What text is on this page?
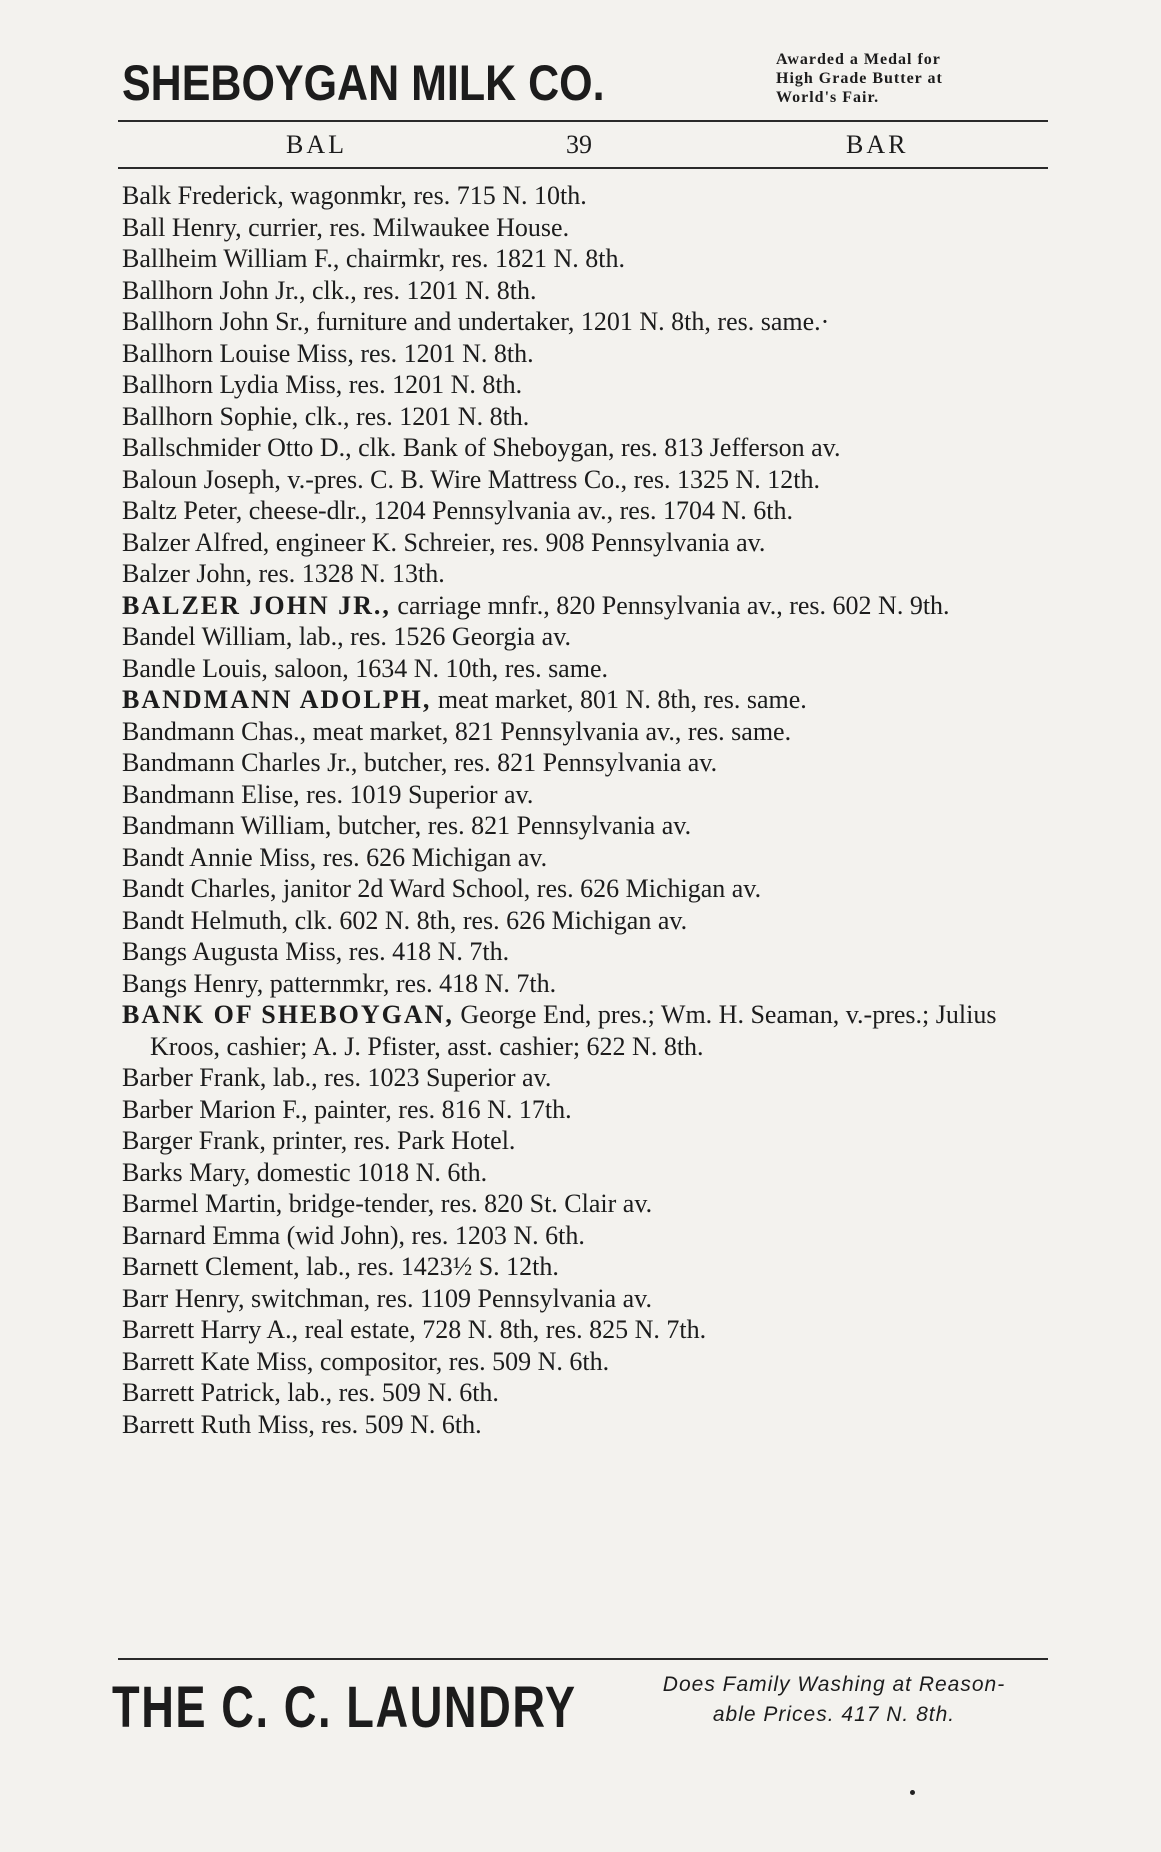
SHEBOYGAN MILK CO.	Awarded a Medal for
High Grade Butter at
World's Fair.
BAL	39	BAR
Balk Frederick, wagonmkr, res. 715 N. 10th.
Ball Henry, currier, res. Milwaukee House.
Ballheim William F., chairmkr, res. 1821 N. 8th.
Ballhorn John Jr., clk., res. 1201 N. 8th.
Ballhorn John Sr., furniture and undertaker, 1201 N. 8th, res. same.·
Ballhorn Louise Miss, res. 1201 N. 8th.
Ballhorn Lydia Miss, res. 1201 N. 8th.
Ballhorn Sophie, clk., res. 1201 N. 8th.
Ballschmider Otto D., clk. Bank of Sheboygan, res. 813 Jefferson av.
Baloun Joseph, v.-pres. C. B. Wire Mattress Co., res. 1325 N. 12th.
Baltz Peter, cheese-dlr., 1204 Pennsylvania av., res. 1704 N. 6th.
Balzer Alfred, engineer K. Schreier, res. 908 Pennsylvania av.
Balzer John, res. 1328 N. 13th.
BALZER JOHN JR., carriage mnfr., 820 Pennsylvania av., res. 602 N. 9th.
Bandel William, lab., res. 1526 Georgia av.
Bandle Louis, saloon, 1634 N. 10th, res. same.
BANDMANN ADOLPH, meat market, 801 N. 8th, res. same.
Bandmann Chas., meat market, 821 Pennsylvania av., res. same.
Bandmann Charles Jr., butcher, res. 821 Pennsylvania av.
Bandmann Elise, res. 1019 Superior av.
Bandmann William, butcher, res. 821 Pennsylvania av.
Bandt Annie Miss, res. 626 Michigan av.
Bandt Charles, janitor 2d Ward School, res. 626 Michigan av.
Bandt Helmuth, clk. 602 N. 8th, res. 626 Michigan av.
Bangs Augusta Miss, res. 418 N. 7th.
Bangs Henry, patternmkr, res. 418 N. 7th.
BANK OF SHEBOYGAN, George End, pres.; Wm. H. Seaman, v.-pres.; Julius Kroos, cashier; A. J. Pfister, asst. cashier; 622 N. 8th.
Barber Frank, lab., res. 1023 Superior av.
Barber Marion F., painter, res. 816 N. 17th.
Barger Frank, printer, res. Park Hotel.
Barks Mary, domestic 1018 N. 6th.
Barmel Martin, bridge-tender, res. 820 St. Clair av.
Barnard Emma (wid John), res. 1203 N. 6th.
Barnett Clement, lab., res. 1423½ S. 12th.
Barr Henry, switchman, res. 1109 Pennsylvania av.
Barrett Harry A., real estate, 728 N. 8th, res. 825 N. 7th.
Barrett Kate Miss, compositor, res. 509 N. 6th.
Barrett Patrick, lab., res. 509 N. 6th.
Barrett Ruth Miss, res. 509 N. 6th.
THE C. C. LAUNDRY	Does Family Washing at Reason-
able Prices. 417 N. 8th.
